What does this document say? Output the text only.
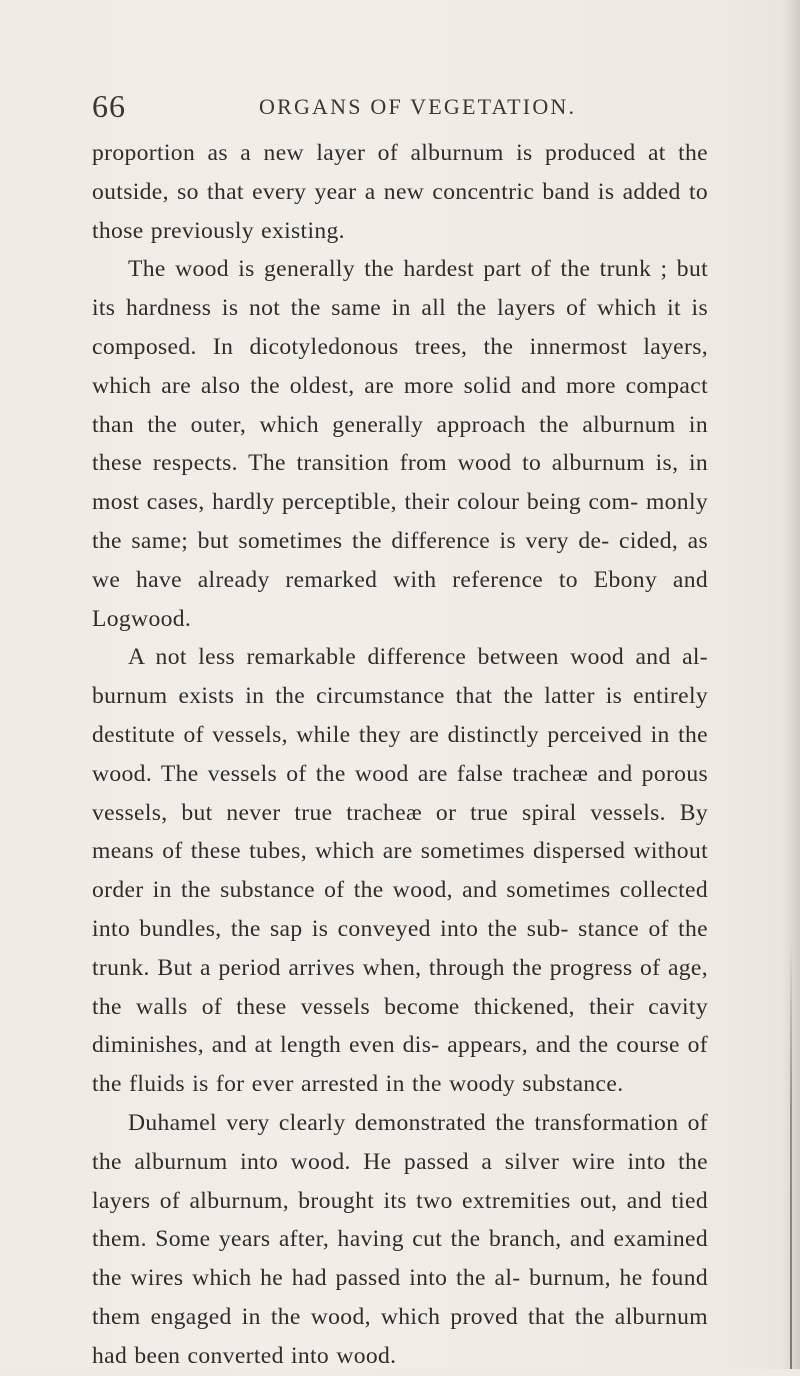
66	ORGANS OF VEGETATION.

proportion as a new layer of alburnum is produced at the outside, so that every year a new concentric band is added to those previously existing.

The wood is generally the hardest part of the trunk ; but its hardness is not the same in all the layers of which it is composed. In dicotyledonous trees, the innermost layers, which are also the oldest, are more solid and more compact than the outer, which generally approach the alburnum in these respects. The transition from wood to alburnum is, in most cases, hardly perceptible, their colour being com- monly the same; but sometimes the difference is very de- cided, as we have already remarked with reference to Ebony and Logwood.

A not less remarkable difference between wood and al- burnum exists in the circumstance that the latter is entirely destitute of vessels, while they are distinctly perceived in the wood. The vessels of the wood are false tracheæ and porous vessels, but never true tracheæ or true spiral vessels. By means of these tubes, which are sometimes dispersed without order in the substance of the wood, and sometimes collected into bundles, the sap is conveyed into the sub- stance of the trunk. But a period arrives when, through the progress of age, the walls of these vessels become thickened, their cavity diminishes, and at length even dis- appears, and the course of the fluids is for ever arrested in the woody substance.

Duhamel very clearly demonstrated the transformation of the alburnum into wood. He passed a silver wire into the layers of alburnum, brought its two extremities out, and tied them. Some years after, having cut the branch, and examined the wires which he had passed into the al- burnum, he found them engaged in the wood, which proved that the alburnum had been converted into wood.
